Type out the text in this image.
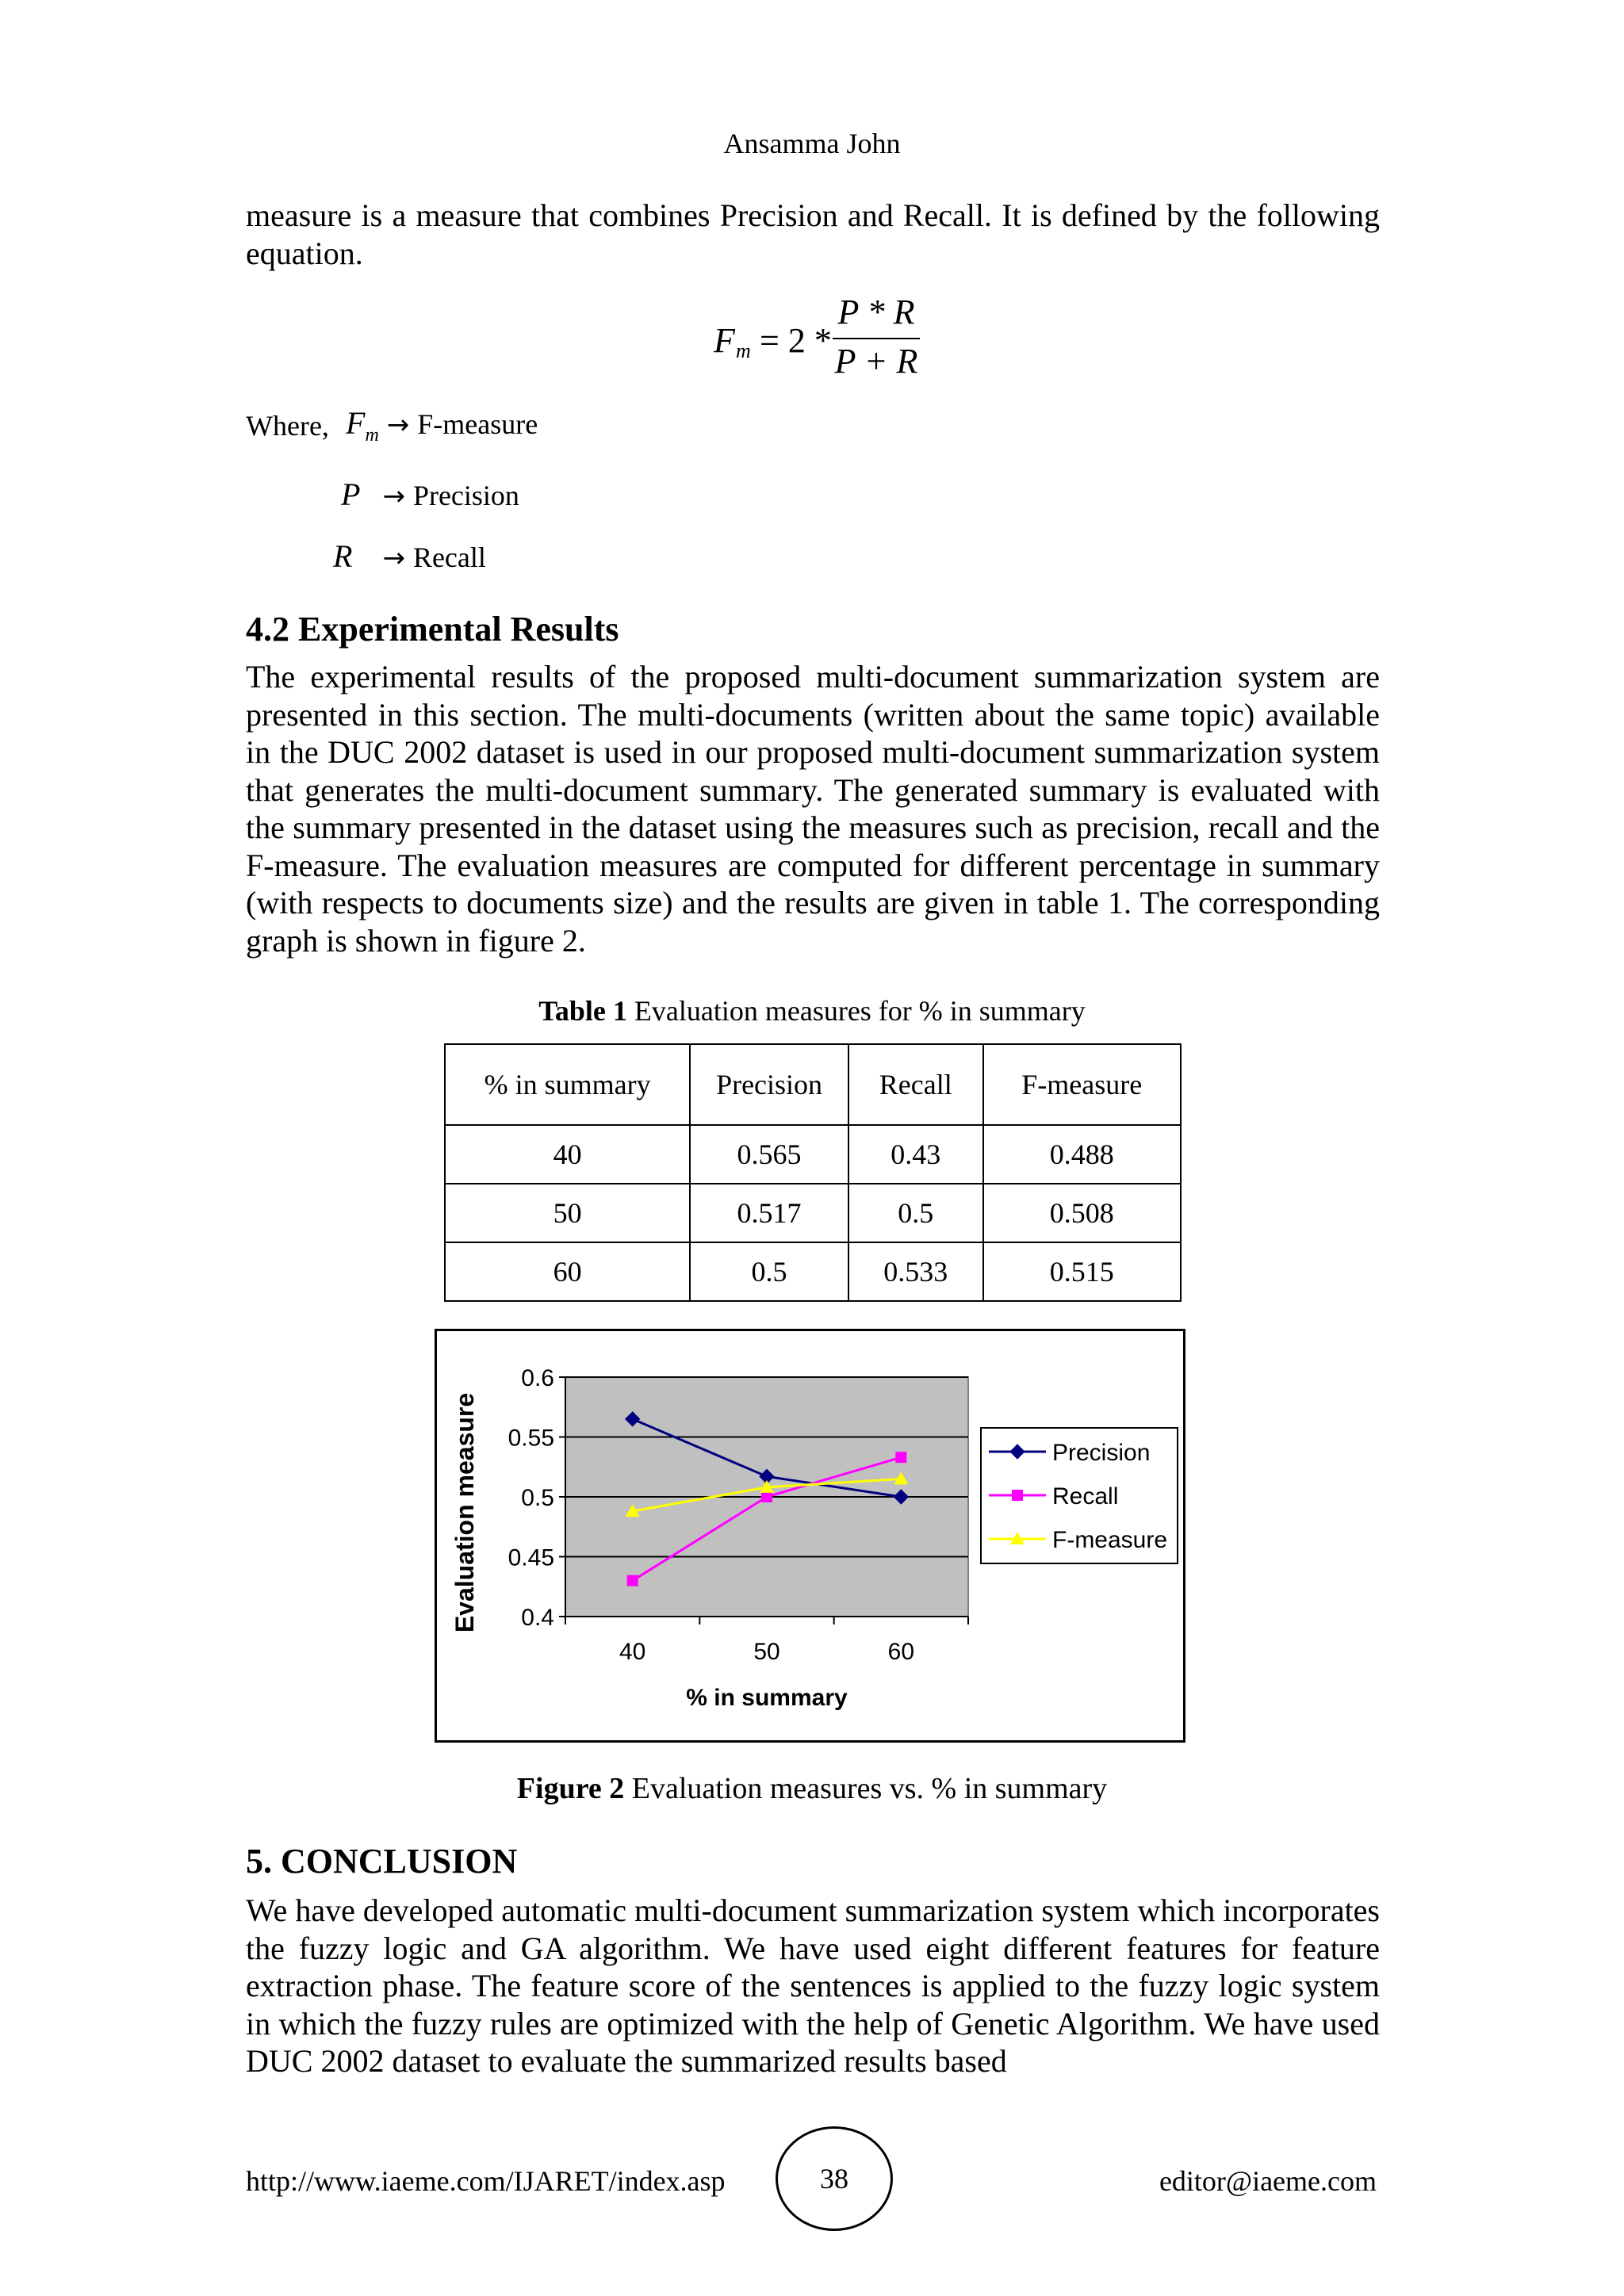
Ansamma John

measure is a measure that combines Precision and Recall. It is defined by the following equation.

F m = 2 *
P * R
P + R
Where, $F_m$ → F-measure
P → Precision
R → Recall
4.2 Experimental Results

The experimental results of the proposed multi-document summarization system are presented in this section. The multi-documents (written about the same topic) available in the DUC 2002 dataset is used in our proposed multi-document summarization system that generates the multi-document summary. The generated summary is evaluated with the summary presented in the dataset using the measures such as precision, recall and the F-measure. The evaluation measures are computed for different percentage in summary (with respects to documents size) and the results are given in table 1. The corresponding graph is shown in figure 2.

Table 1 Evaluation measures for % in summary
% in summary	Precision	Recall	F-measure
40	0.565	0.43	0.488
50	0.517	0.5	0.508
60	0.5	0.533	0.515
0.4
0.45
0.5
0.55
0.6
40	50	60
% in summary
Evaluation measure	Precision
Recall
F-measure
Figure 2 Evaluation measures vs. % in summary
5. CONCLUSION

We have developed automatic multi-document summarization system which incorporates the fuzzy logic and GA algorithm. We have used eight different features for feature extraction phase. The feature score of the sentences is applied to the fuzzy logic system in which the fuzzy rules are optimized with the help of Genetic Algorithm. We have used DUC 2002 dataset to evaluate the summarized results based

http://www.iaeme.com/IJARET/index.asp	38	editor@iaeme.com
